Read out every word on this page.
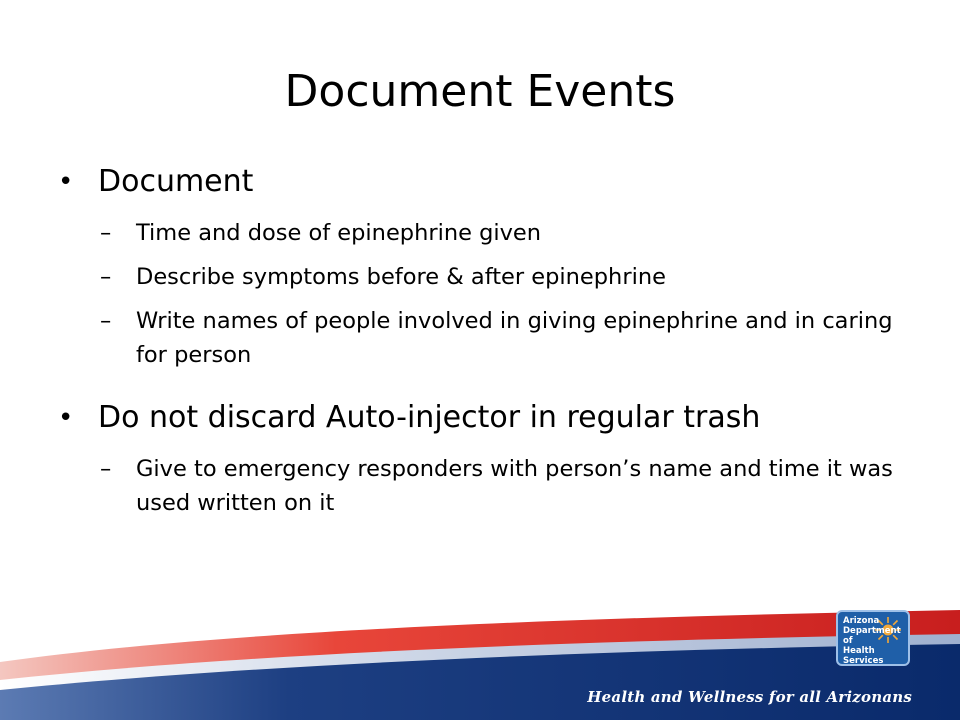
Document Events
• Document
– Time and dose of epinephrine given
– Describe symptoms before & after epinephrine
– Write names of people involved in giving epinephrine and in caring for person
• Do not discard Auto-injector in regular trash
– Give to emergency responders with person’s name and time it was used written on it
Arizona
Department of
Health Services
Health and Wellness for all Arizonans
